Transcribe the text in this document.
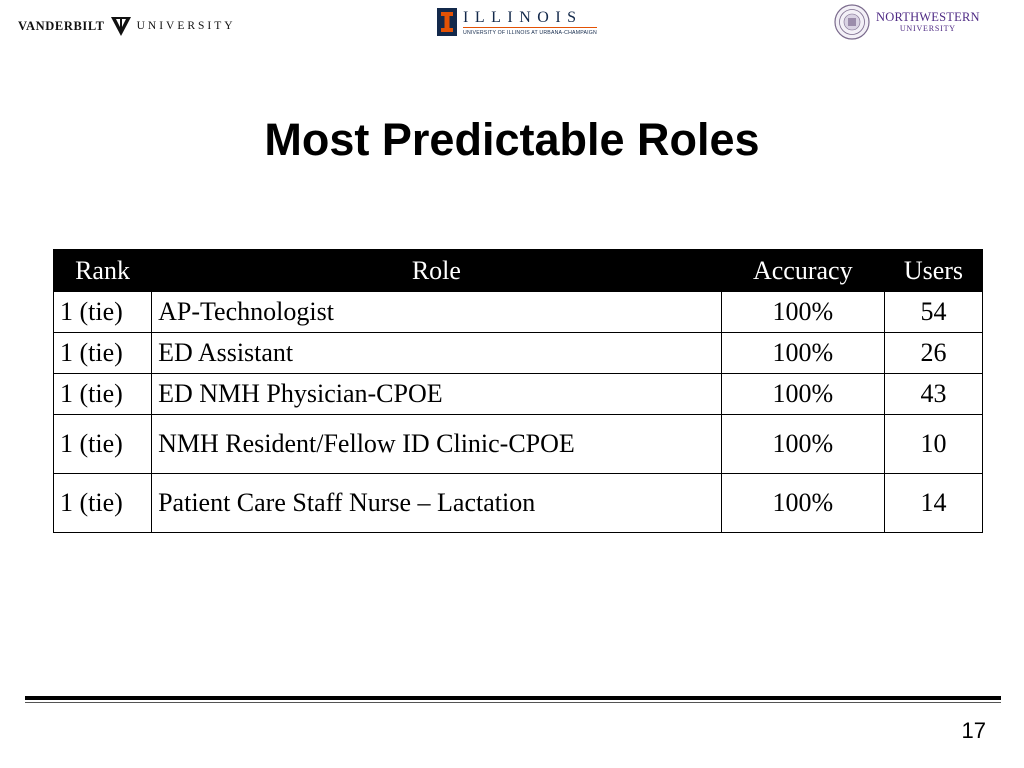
VANDERBILT	UNIVERSITY
ILLINOIS
UNIVERSITY OF ILLINOIS AT URBANA-CHAMPAIGN
NORTHWESTERN
UNIVERSITY
Most Predictable Roles
Rank	Role	Accuracy	Users
1 (tie)	AP-Technologist	100%	54
1 (tie)	ED Assistant	100%	26
1 (tie)	ED NMH Physician-CPOE	100%	43
1 (tie)	NMH Resident/Fellow ID Clinic-CPOE	100%	10
1 (tie)	Patient Care Staff Nurse – Lactation	100%	14
17
